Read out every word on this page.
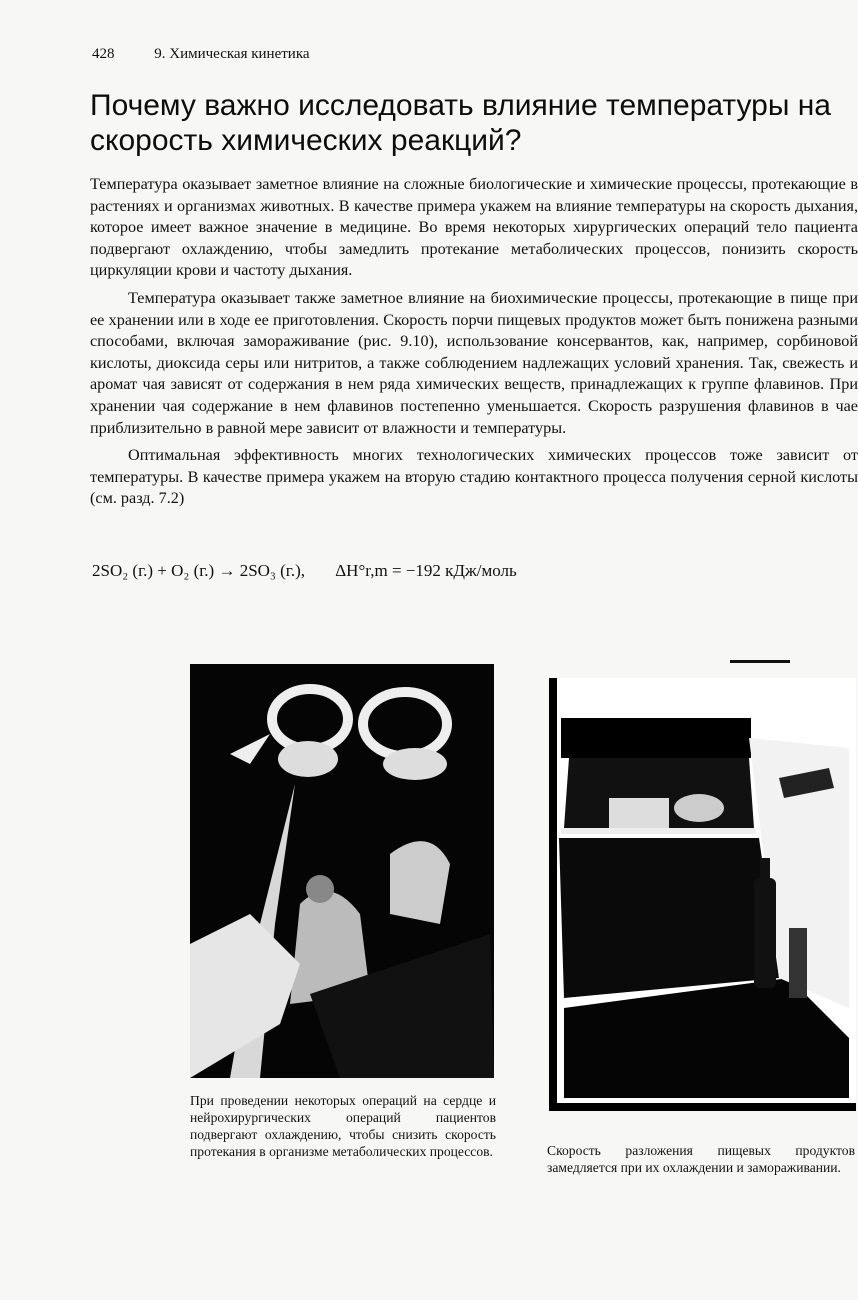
428	9. Химическая кинетика
Почему важно исследовать влияние температуры на скорость химических реакций?

Температура оказывает заметное влияние на сложные биологические и химические процессы, протекающие в растениях и организмах животных. В качестве примера укажем на влияние температуры на скорость дыхания, которое имеет важное значение в медицине. Во время некоторых хирургических операций тело пациента подвергают охлаждению, чтобы замедлить протекание метаболических процессов, понизить скорость циркуляции крови и частоту дыхания.

Температура оказывает также заметное влияние на биохимические процессы, протекающие в пище при ее хранении или в ходе ее приготовления. Скорость порчи пищевых продуктов может быть понижена разными способами, включая замораживание (рис. 9.10), использование консервантов, как, например, сорбиновой кислоты, диоксида серы или нитритов, а также соблюдением надлежащих условий хранения. Так, свежесть и аромат чая зависят от содержания в нем ряда химических веществ, принадлежащих к группе флавинов. При хранении чая содержание в нем флавинов постепенно уменьшается. Скорость разрушения флавинов в чае приблизительно в равной мере зависит от влажности и температуры.

Оптимальная эффективность многих технологических химических процессов тоже зависит от температуры. В качестве примера укажем на вторую стадию контактного процесса получения серной кислоты (см. разд. 7.2)

2SO₂ (г.) + O₂ (г.) → 2SO₃ (г.), ΔH°r,m = −192 кДж/моль
При проведении некоторых операций на сердце и нейрохирургических операций пациентов подвергают охлаждению, чтобы снизить скорость протекания в организме метаболических процессов.	Скорость разложения пищевых продуктов замедляется при их охлаждении и замораживании.
